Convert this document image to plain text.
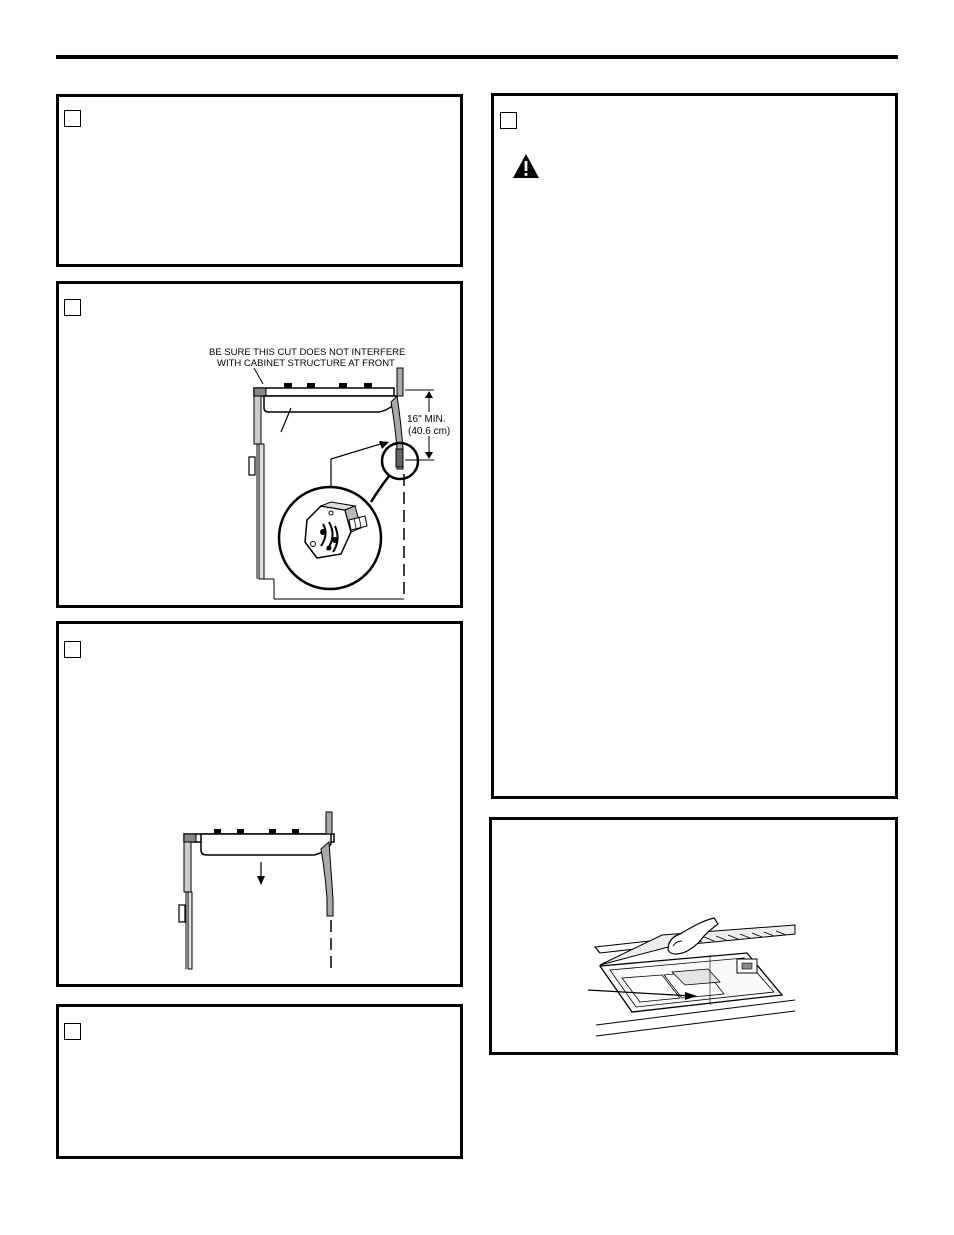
BE SURE THIS CUT DOES NOT INTERFERE
WITH CABINET STRUCTURE AT FRONT
16" MIN.
(40.6 cm)
